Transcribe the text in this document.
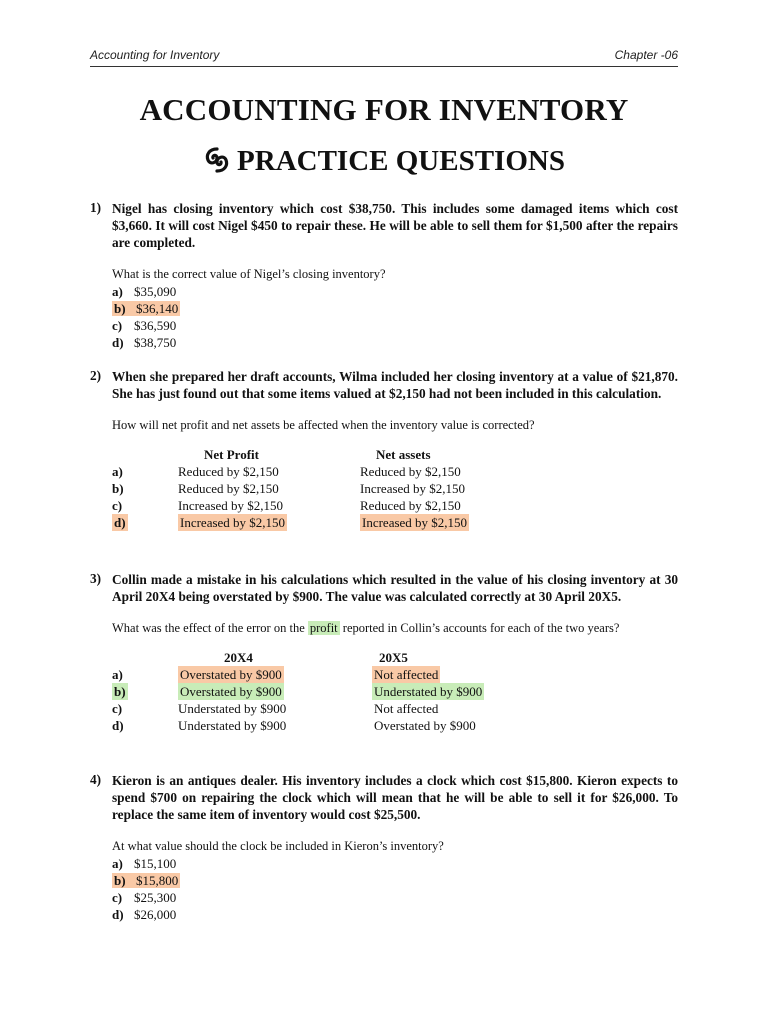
Accounting for Inventory	Chapter -06
ACCOUNTING FOR INVENTORY
PRACTICE QUESTIONS
1) Nigel has closing inventory which cost $38,750. This includes some damaged items which cost $3,660. It will cost Nigel $450 to repair these. He will be able to sell them for $1,500 after the repairs are completed.
What is the correct value of Nigel’s closing inventory?
a) $35,090
b) $36,140
c) $36,590
d) $38,750
2) When she prepared her draft accounts, Wilma included her closing inventory at a value of $21,870. She has just found out that some items valued at $2,150 had not been included in this calculation.
How will net profit and net assets be affected when the inventory value is corrected?
Net Profit	Net assets
a)	Reduced by $2,150	Reduced by $2,150
b)	Reduced by $2,150	Increased by $2,150
c)	Increased by $2,150	Reduced by $2,150
d)	Increased by $2,150	Increased by $2,150
3) Collin made a mistake in his calculations which resulted in the value of his closing inventory at 30 April 20X4 being overstated by $900. The value was calculated correctly at 30 April 20X5.
What was the effect of the error on the profit reported in Collin’s accounts for each of the two years?
20X4	20X5
a)	Overstated by $900	Not affected
b)	Overstated by $900	Understated by $900
c)	Understated by $900	Not affected
d)	Understated by $900	Overstated by $900
4) Kieron is an antiques dealer. His inventory includes a clock which cost $15,800. Kieron expects to spend $700 on repairing the clock which will mean that he will be able to sell it for $26,000. To replace the same item of inventory would cost $25,500.
At what value should the clock be included in Kieron’s inventory?
a) $15,100
b) $15,800
c) $25,300
d) $26,000
